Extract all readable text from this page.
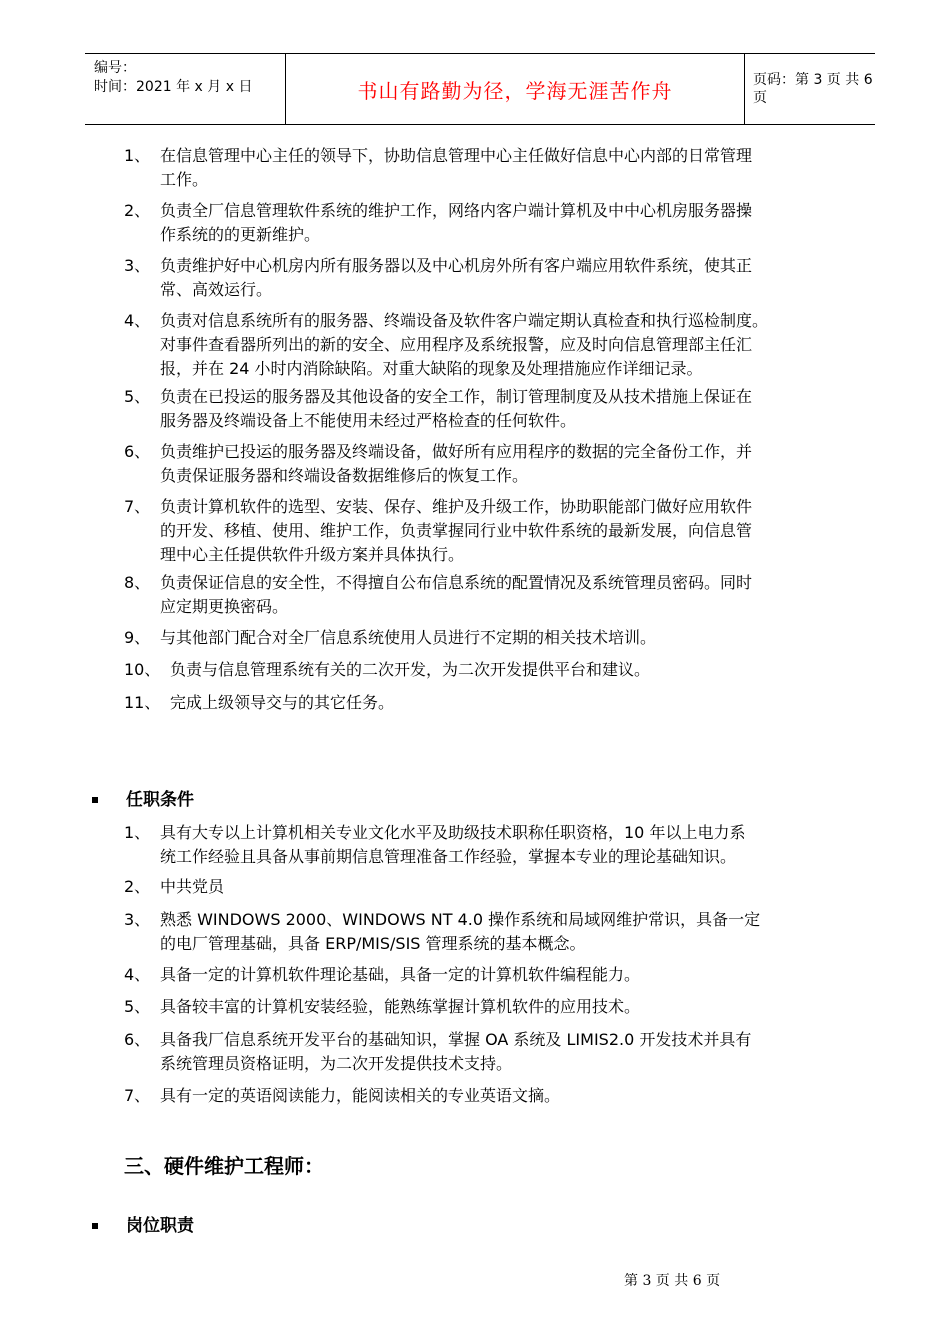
编号：
时间：2021 年 x 月 x 日	书山有路勤为径，学海无涯苦作舟	页码：第 3 页 共 6 页
1、 在信息管理中心主任的领导下，协助信息管理中心主任做好信息中心内部的日常管理
工作。
2、 负责全厂信息管理软件系统的维护工作，网络内客户端计算机及中中心机房服务器操
作系统的的更新维护。
3、 负责维护好中心机房内所有服务器以及中心机房外所有客户端应用软件系统，使其正
常、高效运行。
4、 负责对信息系统所有的服务器、终端设备及软件客户端定期认真检查和执行巡检制度。
对事件查看器所列出的新的安全、应用程序及系统报警，应及时向信息管理部主任汇
报，并在 24 小时内消除缺陷。对重大缺陷的现象及处理措施应作详细记录。
5、 负责在已投运的服务器及其他设备的安全工作，制订管理制度及从技术措施上保证在
服务器及终端设备上不能使用未经过严格检查的任何软件。
6、 负责维护已投运的服务器及终端设备，做好所有应用程序的数据的完全备份工作，并
负责保证服务器和终端设备数据维修后的恢复工作。
7、 负责计算机软件的选型、安装、保存、维护及升级工作，协助职能部门做好应用软件
的开发、移植、使用、维护工作，负责掌握同行业中软件系统的最新发展，向信息管
理中心主任提供软件升级方案并具体执行。
8、 负责保证信息的安全性，不得擅自公布信息系统的配置情况及系统管理员密码。同时
应定期更换密码。
9、 与其他部门配合对全厂信息系统使用人员进行不定期的相关技术培训。
10、 负责与信息管理系统有关的二次开发，为二次开发提供平台和建议。
11、 完成上级领导交与的其它任务。
任职条件
1、 具有大专以上计算机相关专业文化水平及助级技术职称任职资格，10 年以上电力系
统工作经验且具备从事前期信息管理准备工作经验，掌握本专业的理论基础知识。
2、 中共党员
3、 熟悉 WINDOWS 2000、WINDOWS NT 4.0 操作系统和局域网维护常识，具备一定
的电厂管理基础，具备 ERP/MIS/SIS 管理系统的基本概念。
4、 具备一定的计算机软件理论基础，具备一定的计算机软件编程能力。
5、 具备较丰富的计算机安装经验，能熟练掌握计算机软件的应用技术。
6、 具备我厂信息系统开发平台的基础知识，掌握 OA 系统及 LIMIS2.0 开发技术并具有
系统管理员资格证明，为二次开发提供技术支持。
7、 具有一定的英语阅读能力，能阅读相关的专业英语文摘。
三、硬件维护工程师：
岗位职责
第 3 页 共 6 页
